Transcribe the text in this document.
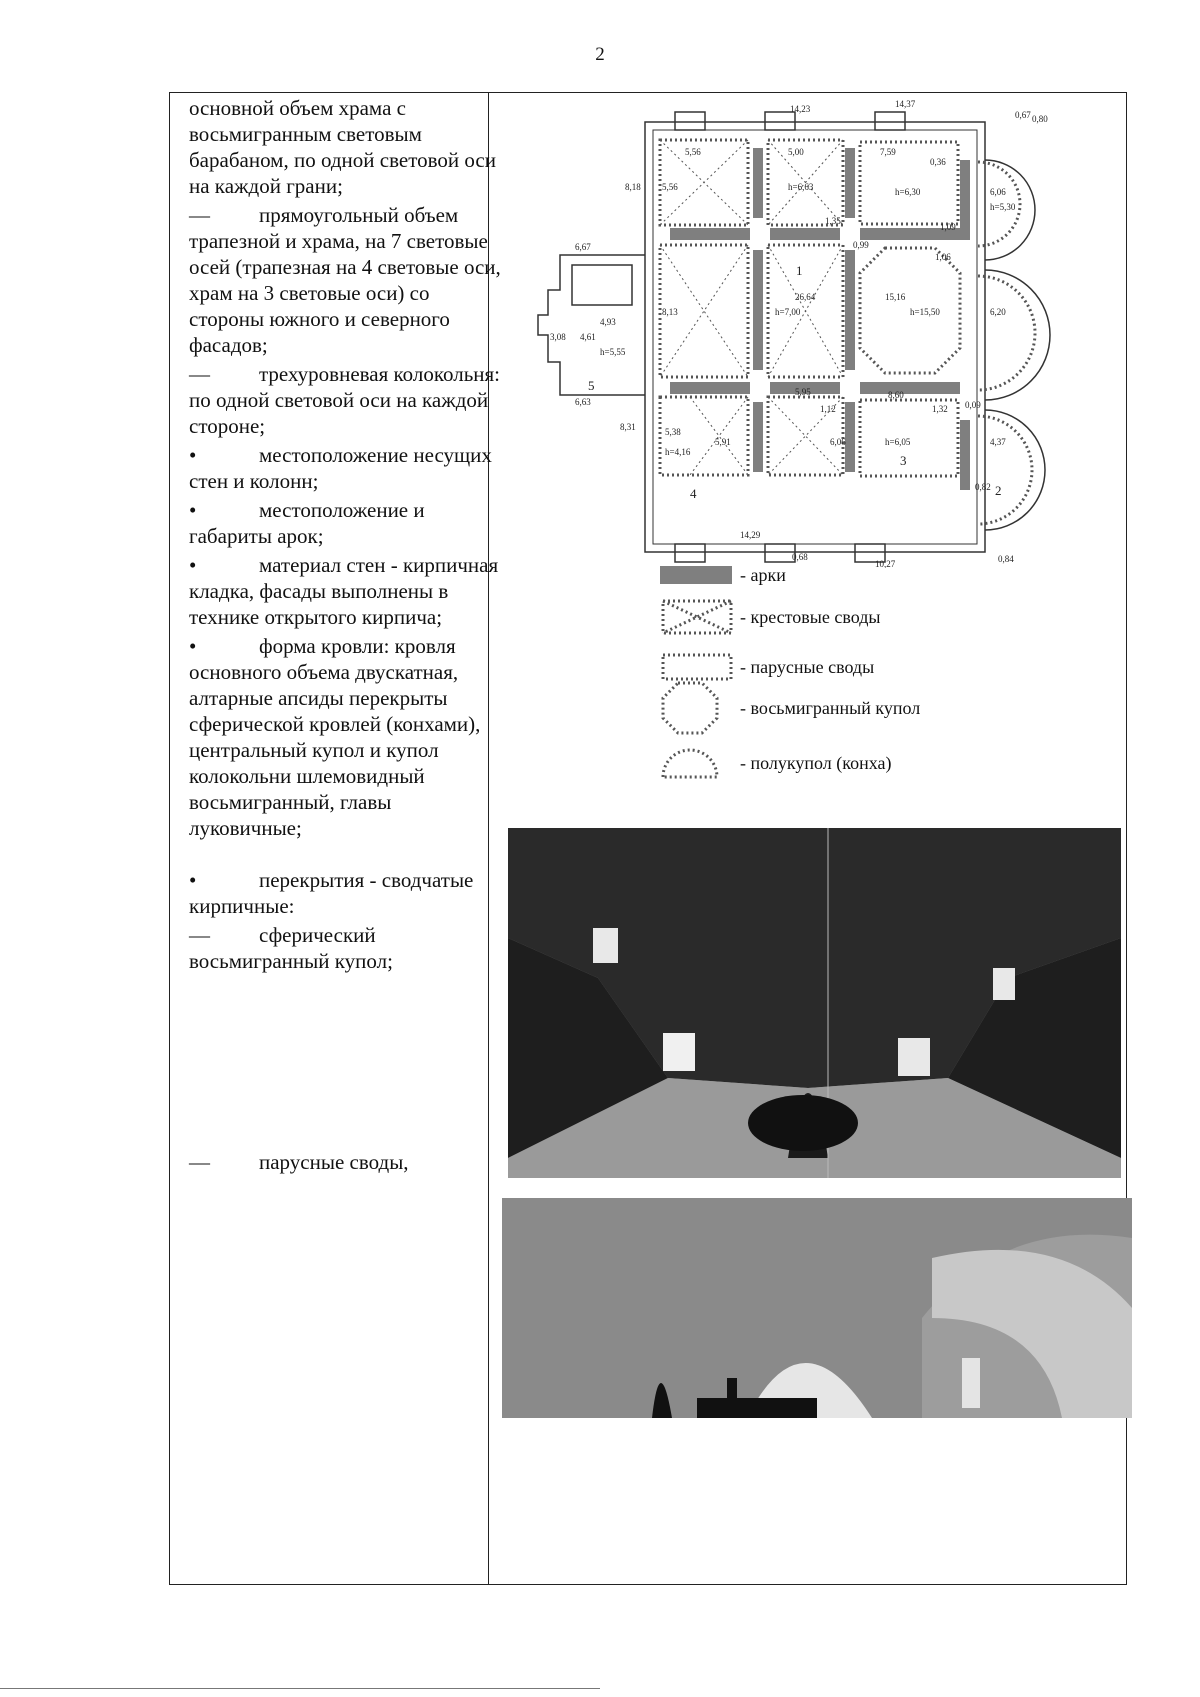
2

основной объем храма с восьмигранным световым барабаном, по одной световой оси на каждой грани;

— прямоугольный объем трапезной и храма, на 7 световые осей (трапезная на 4 световые оси, храм на 3 световые оси) со стороны южного и северного фасадов;

— трехуровневая колокольня: по одной световой оси на каждой стороне;

•	местоположение несущих стен и колонн;

•	местоположение и габариты арок;

•	материал стен - кирпичная кладка, фасады выполнены в технике открытого кирпича;

•	форма кровли: кровля основного объема двускатная, алтарные апсиды перекрыты сферической кровлей (конхами), центральный купол и купол колокольни шлемовидный восьмигранный, главы луковичные;

•	перекрытия - сводчатые кирпичные:

— сферический восьмигранный купол;

— парусные своды,

14,23	14,37
0,67 0,80
8,18
6,67
8,31
6,63
3,08 4,61
4,93
h=5,55
5,56
5,56
5,00
h=6,63
7,59
0,36
h=6,30	6,06
h=5,30
1,35
1,09
1,06
0,99
8,13	h=7,00
26,64	15,16
h=15,50	6,20
5,95	8,60
5,38
h=4,16
5,91
1,12	1,32
6,06	h=6,05	4,37
0,09
0,82
14,29
0,68
10,27	0,84
1
2
3
4
5
- арки
- крестовые своды
- парусные своды
- восьмигранный купол
- полукупол (конха)
